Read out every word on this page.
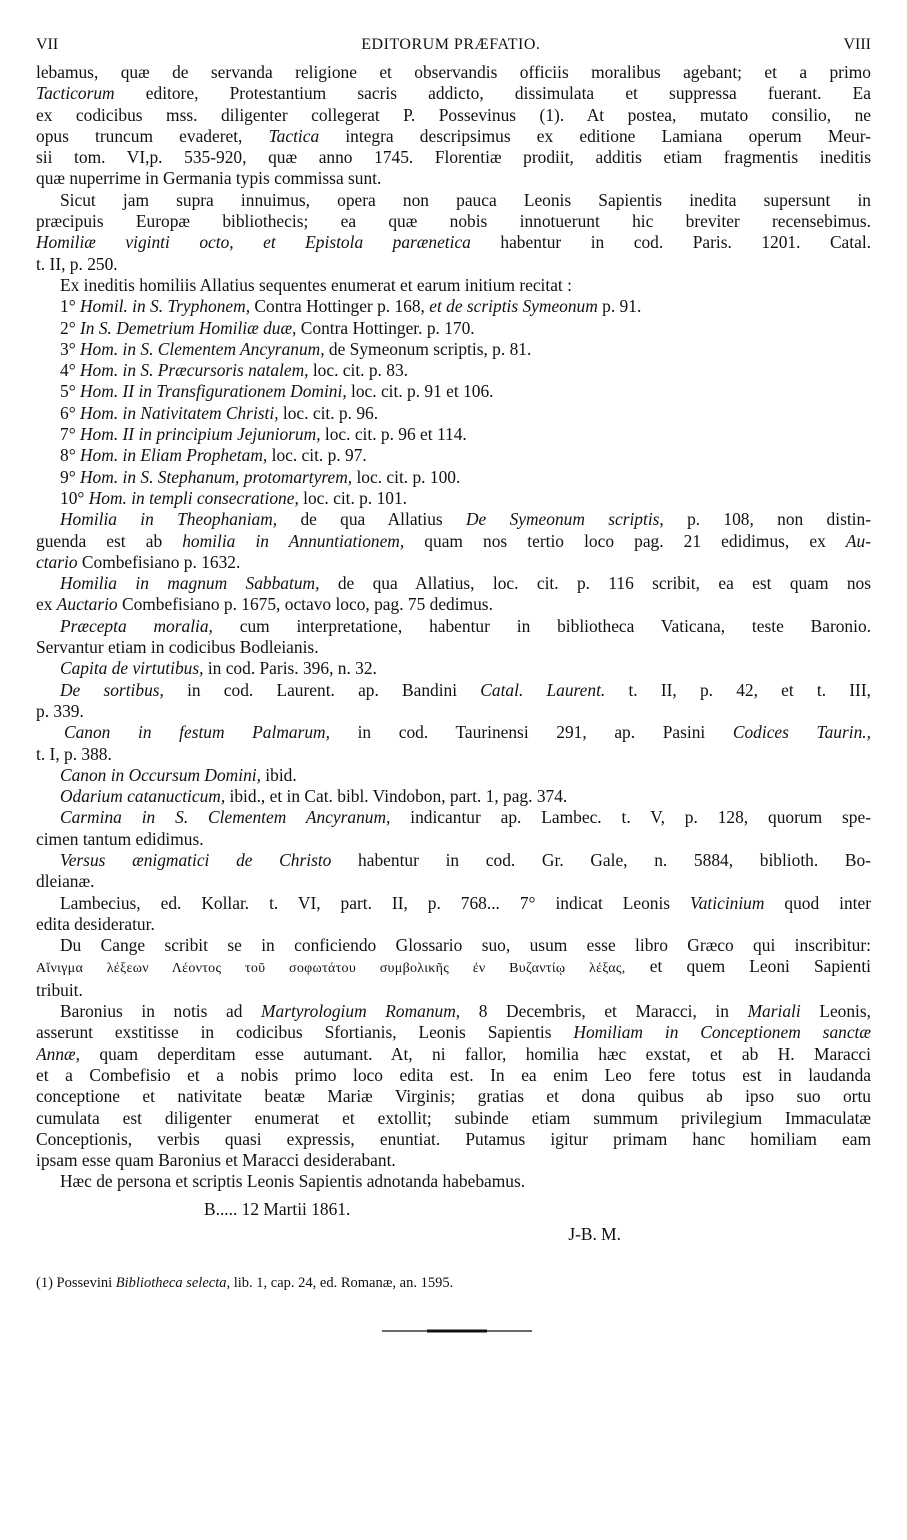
VII	EDITORUM PRÆFATIO.	VIII
lebamus, quæ de servanda religione et observandis officiis moralibus agebant; et a primo
Tacticorum editore, Protestantium sacris addicto, dissimulata et suppressa fuerant. Ea
ex codicibus mss. diligenter collegerat P. Possevinus (1). At postea, mutato consilio, ne
opus truncum evaderet, Tactica integra descripsimus ex editione Lamiana operum Meur-
sii tom. VI,p. 535-920, quæ anno 1745. Florentiæ prodiit, additis etiam fragmentis ineditis
quæ nuperrime in Germania typis commissa sunt.
Sicut jam supra innuimus, opera non pauca Leonis Sapientis inedita supersunt in
præcipuis Europæ bibliothecis; ea quæ nobis innotuerunt hic breviter recensebimus.
Homiliæ viginti octo, et Epistola parænetica habentur in cod. Paris. 1201. Catal.
t. II, p. 250.
Ex ineditis homiliis Allatius sequentes enumerat et earum initium recitat :
1° Homil. in S. Tryphonem, Contra Hottinger p. 168, et de scriptis Symeonum p. 91.
2° In S. Demetrium Homiliæ duæ, Contra Hottinger. p. 170.
3° Hom. in S. Clementem Ancyranum, de Symeonum scriptis, p. 81.
4° Hom. in S. Præcursoris natalem, loc. cit. p. 83.
5° Hom. II in Transfigurationem Domini, loc. cit. p. 91 et 106.
6° Hom. in Nativitatem Christi, loc. cit. p. 96.
7° Hom. II in principium Jejuniorum, loc. cit. p. 96 et 114.
8° Hom. in Eliam Prophetam, loc. cit. p. 97.
9° Hom. in S. Stephanum, protomartyrem, loc. cit. p. 100.
10° Hom. in templi consecratione, loc. cit. p. 101.
Homilia in Theophaniam, de qua Allatius De Symeonum scriptis, p. 108, non distin-
guenda est ab homilia in Annuntiationem, quam nos tertio loco pag. 21 edidimus, ex Au-
ctario Combefisiano p. 1632.
Homilia in magnum Sabbatum, de qua Allatius, loc. cit. p. 116 scribit, ea est quam nos
ex Auctario Combefisiano p. 1675, octavo loco, pag. 75 dedimus.
Præcepta moralia, cum interpretatione, habentur in bibliotheca Vaticana, teste Baronio.
Servantur etiam in codicibus Bodleianis.
Capita de virtutibus, in cod. Paris. 396, n. 32.
De sortibus, in cod. Laurent. ap. Bandini Catal. Laurent. t. II, p. 42, et t. III,
p. 339.
Canon in festum Palmarum, in cod. Taurinensi 291, ap. Pasini Codices Taurin.,
t. I, p. 388.
Canon in Occursum Domini, ibid.
Odarium catanucticum, ibid., et in Cat. bibl. Vindobon, part. 1, pag. 374.
Carmina in S. Clementem Ancyranum, indicantur ap. Lambec. t. V, p. 128, quorum spe-
cimen tantum edidimus.
Versus ænigmatici de Christo habentur in cod. Gr. Gale, n. 5884, biblioth. Bo-
dleianæ.
Lambecius, ed. Kollar. t. VI, part. II, p. 768... 7° indicat Leonis Vaticinium quod inter
edita desideratur.
Du Cange scribit se in conficiendo Glossario suo, usum esse libro Græco qui inscribitur:
Αἴνιγμα λέξεων Λέοντος τοῦ σοφωτάτου συμβολικῆς ἐν Βυζαντίῳ λέξας, et quem Leoni Sapienti
tribuit.
Baronius in notis ad Martyrologium Romanum, 8 Decembris, et Maracci, in Mariali Leonis,
asserunt exstitisse in codicibus Sfortianis, Leonis Sapientis Homiliam in Conceptionem sanctæ
Annæ, quam deperditam esse autumant. At, ni fallor, homilia hæc exstat, et ab H. Maracci
et a Combefisio et a nobis primo loco edita est. In ea enim Leo fere totus est in laudanda
conceptione et nativitate beatæ Mariæ Virginis; gratias et dona quibus ab ipso suo ortu
cumulata est diligenter enumerat et extollit; subinde etiam summum privilegium Immaculatæ
Conceptionis, verbis quasi expressis, enuntiat. Putamus igitur primam hanc homiliam eam
ipsam esse quam Baronius et Maracci desiderabant.
Hæc de persona et scriptis Leonis Sapientis adnotanda habebamus.
B..... 12 Martii 1861.
J-B. M.
(1) Possevini Bibliotheca selecta, lib. 1, cap. 24, ed. Romanæ, an. 1595.
